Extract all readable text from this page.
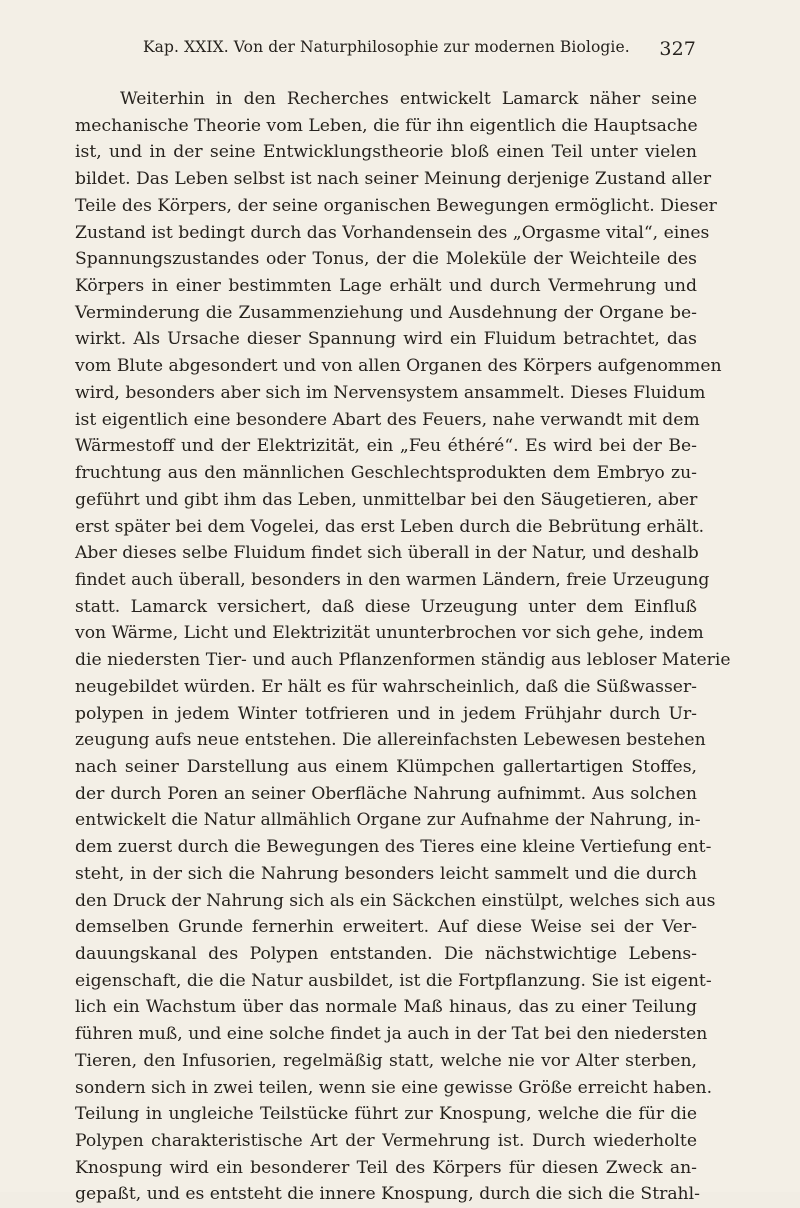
Kap. XXIX. Von der Naturphilosophie zur modernen Biologie. 327
Weiterhin in den Recherches entwickelt Lamarck näher seine
mechanische Theorie vom Leben, die für ihn eigentlich die Hauptsache
ist, und in der seine Entwicklungstheorie bloß einen Teil unter vielen
bildet. Das Leben selbst ist nach seiner Meinung derjenige Zustand aller
Teile des Körpers, der seine organischen Bewegungen ermöglicht. Dieser
Zustand ist bedingt durch das Vorhandensein des „Orgasme vital“, eines
Spannungszustandes oder Tonus, der die Moleküle der Weichteile des
Körpers in einer bestimmten Lage erhält und durch Vermehrung und
Verminderung die Zusammenziehung und Ausdehnung der Organe be-
wirkt. Als Ursache dieser Spannung wird ein Fluidum betrachtet, das
vom Blute abgesondert und von allen Organen des Körpers aufgenommen
wird, besonders aber sich im Nervensystem ansammelt. Dieses Fluidum
ist eigentlich eine besondere Abart des Feuers, nahe verwandt mit dem
Wärmestoff und der Elektrizität, ein „Feu éthéré“. Es wird bei der Be-
fruchtung aus den männlichen Geschlechtsprodukten dem Embryo zu-
geführt und gibt ihm das Leben, unmittelbar bei den Säugetieren, aber
erst später bei dem Vogelei, das erst Leben durch die Bebrütung erhält.
Aber dieses selbe Fluidum findet sich überall in der Natur, und deshalb
findet auch überall, besonders in den warmen Ländern, freie Urzeugung
statt. Lamarck versichert, daß diese Urzeugung unter dem Einfluß
von Wärme, Licht und Elektrizität ununterbrochen vor sich gehe, indem
die niedersten Tier- und auch Pflanzenformen ständig aus lebloser Materie
neugebildet würden. Er hält es für wahrscheinlich, daß die Süßwasser-
polypen in jedem Winter totfrieren und in jedem Frühjahr durch Ur-
zeugung aufs neue entstehen. Die allereinfachsten Lebewesen bestehen
nach seiner Darstellung aus einem Klümpchen gallertartigen Stoffes,
der durch Poren an seiner Oberfläche Nahrung aufnimmt. Aus solchen
entwickelt die Natur allmählich Organe zur Aufnahme der Nahrung, in-
dem zuerst durch die Bewegungen des Tieres eine kleine Vertiefung ent-
steht, in der sich die Nahrung besonders leicht sammelt und die durch
den Druck der Nahrung sich als ein Säckchen einstülpt, welches sich aus
demselben Grunde fernerhin erweitert. Auf diese Weise sei der Ver-
dauungskanal des Polypen entstanden. Die nächstwichtige Lebens-
eigenschaft, die die Natur ausbildet, ist die Fortpflanzung. Sie ist eigent-
lich ein Wachstum über das normale Maß hinaus, das zu einer Teilung
führen muß, und eine solche findet ja auch in der Tat bei den niedersten
Tieren, den Infusorien, regelmäßig statt, welche nie vor Alter sterben,
sondern sich in zwei teilen, wenn sie eine gewisse Größe erreicht haben.
Teilung in ungleiche Teilstücke führt zur Knospung, welche die für die
Polypen charakteristische Art der Vermehrung ist. Durch wiederholte
Knospung wird ein besonderer Teil des Körpers für diesen Zweck an-
gepaßt, und es entsteht die innere Knospung, durch die sich die Strahl-
